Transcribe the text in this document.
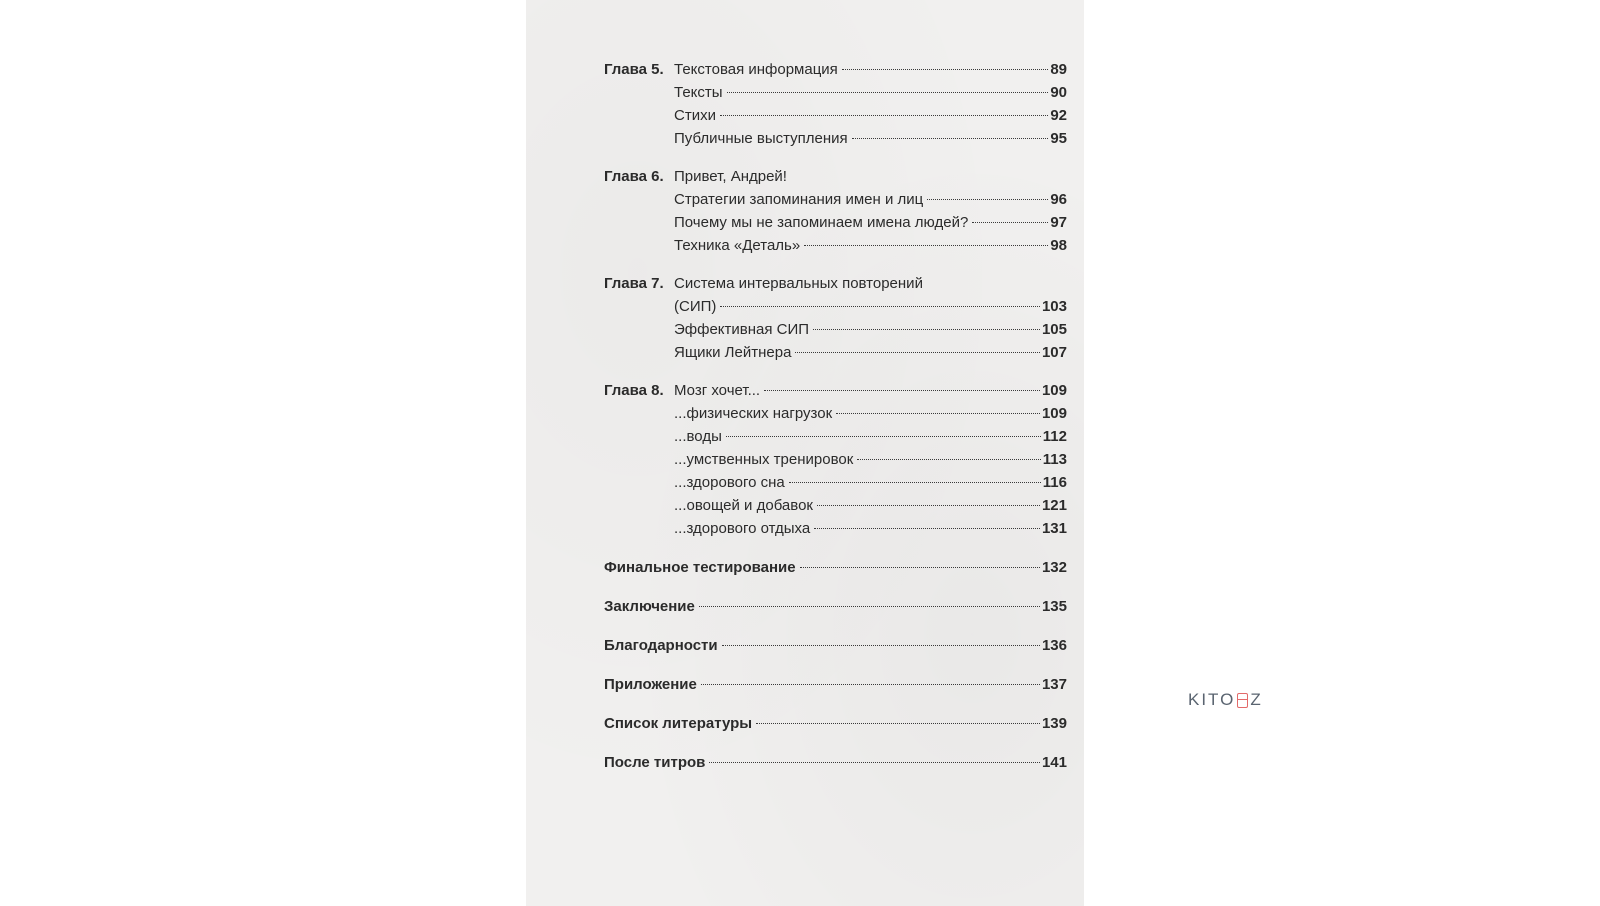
Глава 5. Текстовая информация	89
Тексты	90
Стихи	92
Публичные выступления	95
Глава 6. Привет, Андрей!
Стратегии запоминания имен и лиц	96
Почему мы не запоминаем имена людей?	97
Техника «Деталь»	98
Глава 7. Система интервальных повторений
(СИП)	103
Эффективная СИП	105
Ящики Лейтнера	107
Глава 8. Мозг хочет...	109
...физических нагрузок	109
...воды	112
...умственных тренировок	113
...здорового сна	116
...овощей и добавок	121
...здорового отдыха	131
Финальное тестирование	132
Заключение	135
Благодарности	136
Приложение	137
Список литературы	139
После титров	141
KITO Z
